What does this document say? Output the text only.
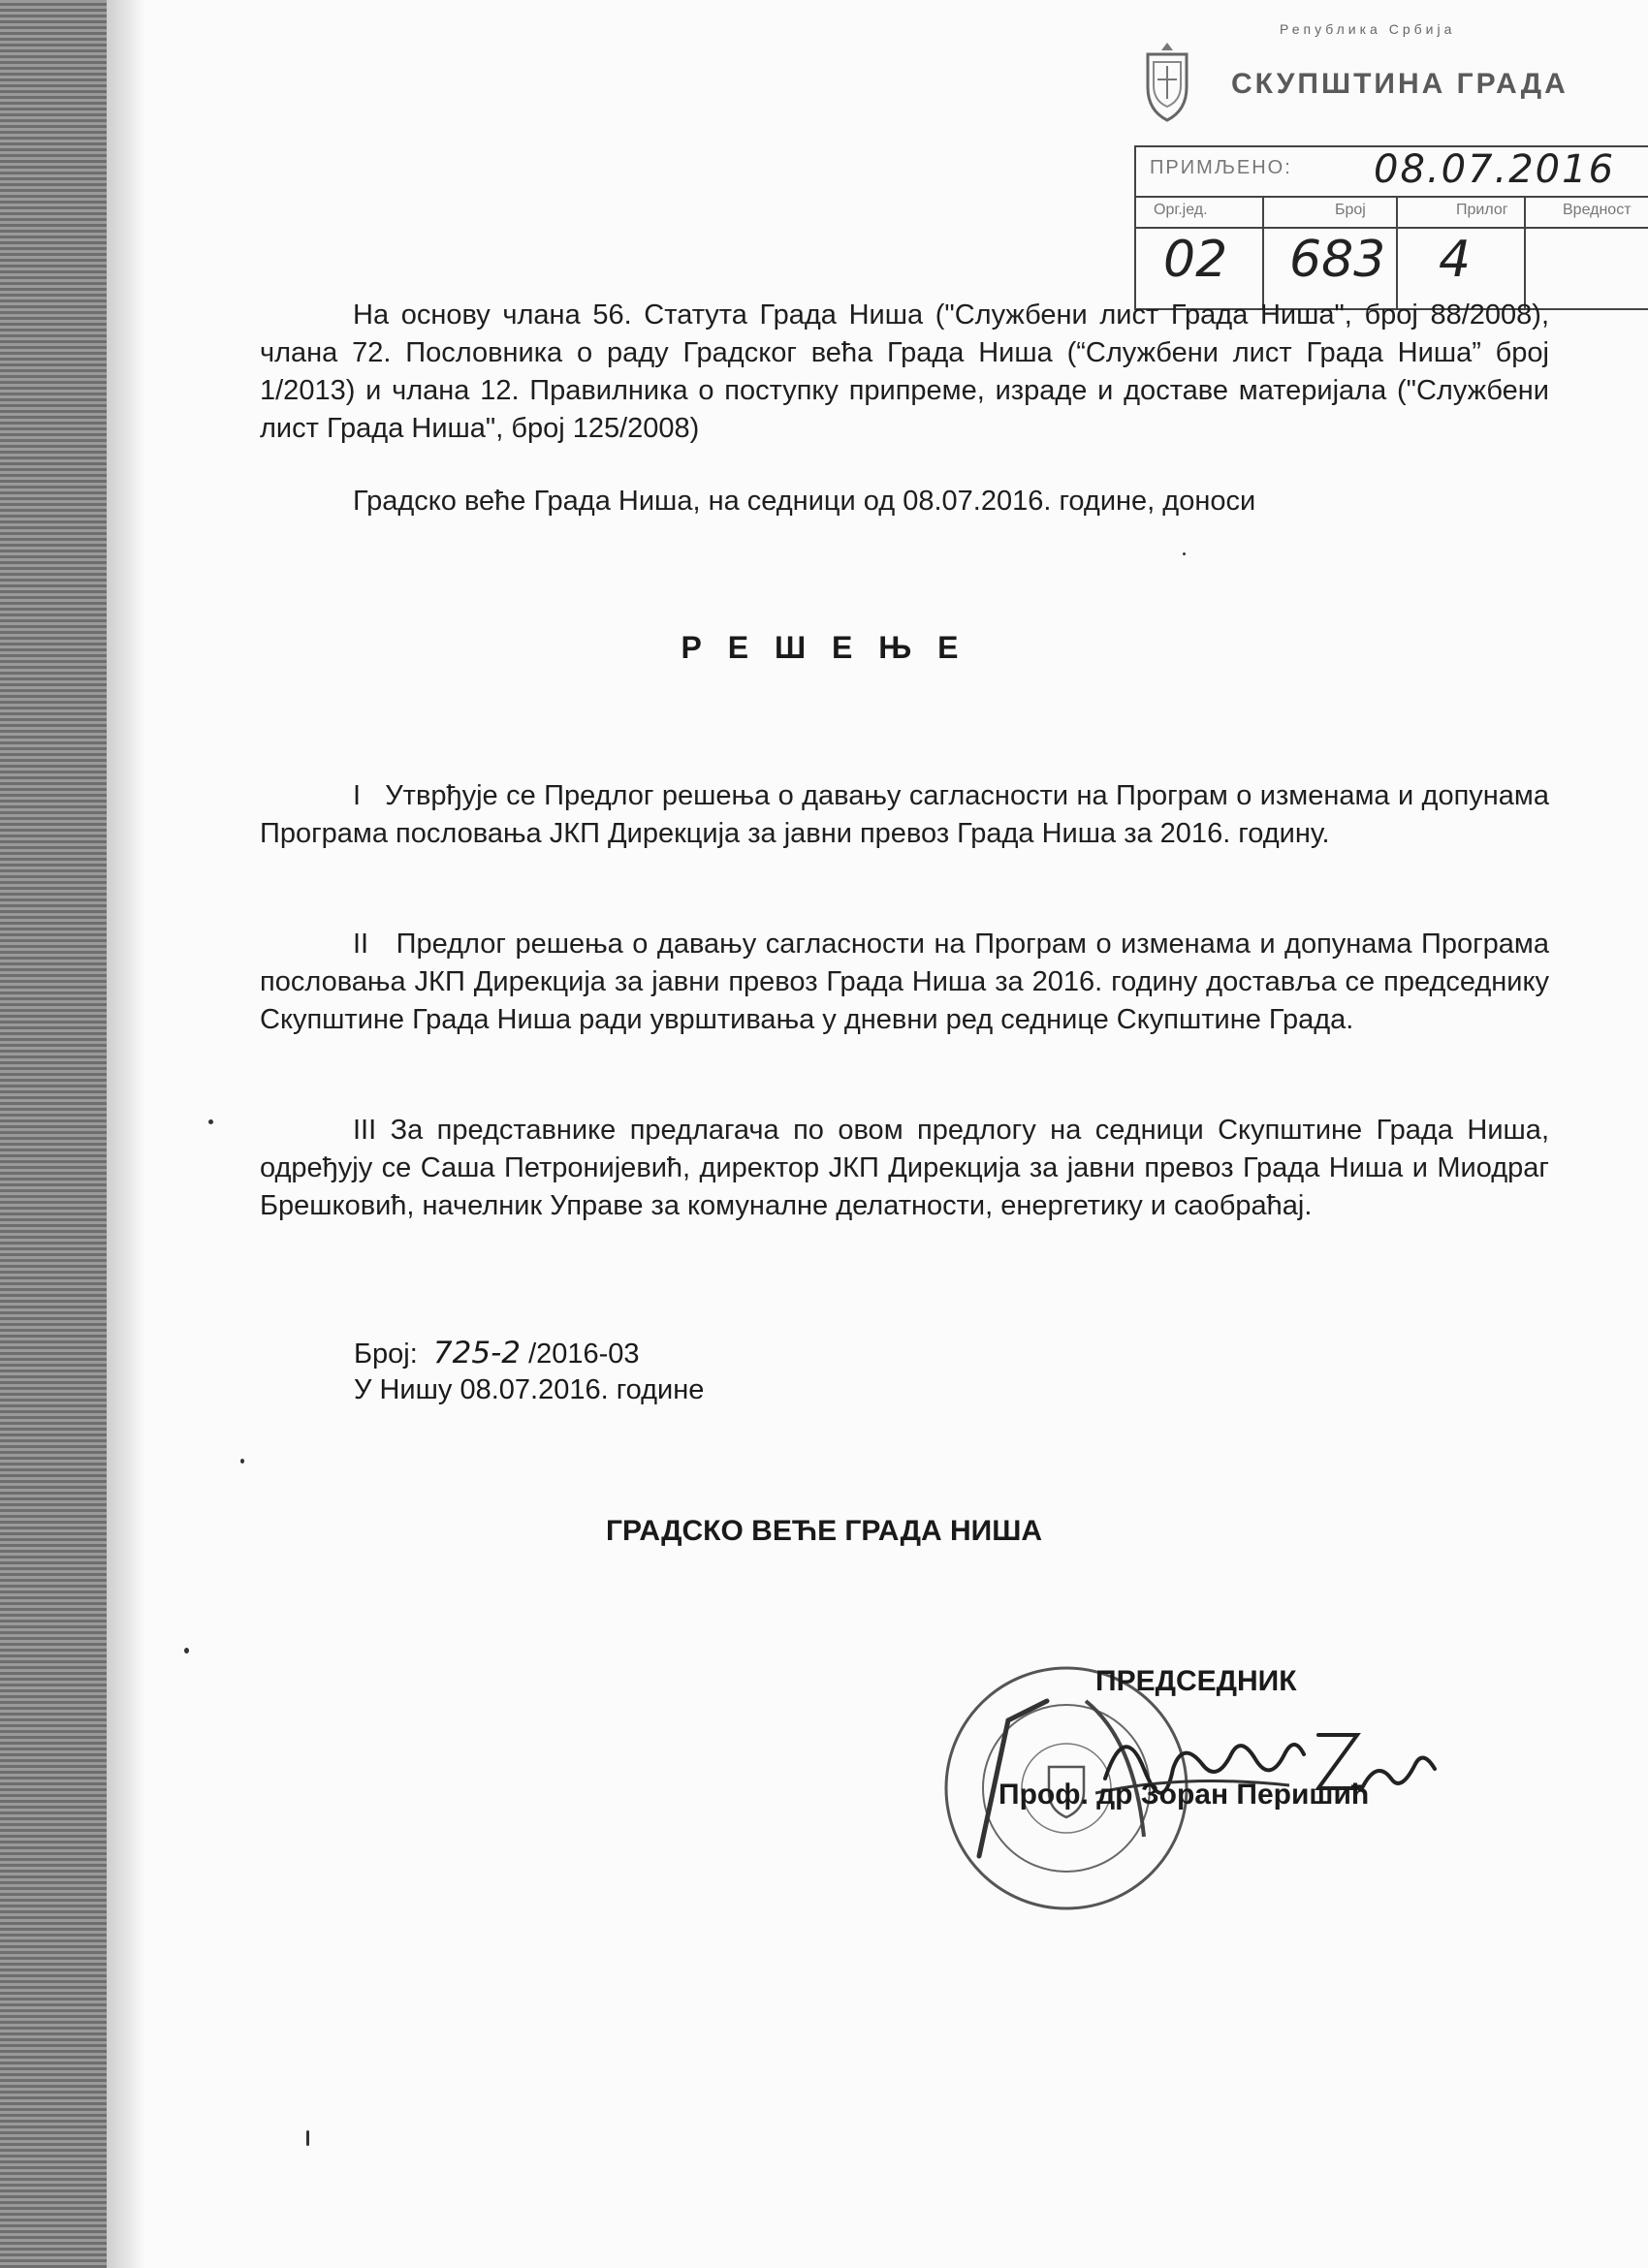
Република Србија
СКУПШТИНА ГРАДА
ПРИМЉЕНО: 08.07.2016
Орг.јед.	Број	Прилог	Вредност
02 683 4
На основу члана 56. Статута Града Ниша ("Службени лист Града Ниша", број 88/2008), члана 72. Пословника о раду Градског већа Града Ниша (“Службени лист Града Ниша” број 1/2013) и члана 12. Правилника о поступку припреме, израде и доставе материјала ("Службени лист Града Ниша", број 125/2008)
Градско веће Града Ниша, на седници од 08.07.2016. године, доноси
Р Е Ш Е Њ Е
I Утврђује се Предлог решења о давању сагласности на Програм о изменама и допунама Програма пословања ЈКП Дирекција за јавни превоз Града Ниша за 2016. годину.
II Предлог решења о давању сагласности на Програм о изменама и допунама Програма пословања ЈКП Дирекција за јавни превоз Града Ниша за 2016. годину доставља се председнику Скупштине Града Ниша ради уврштивања у дневни ред седнице Скупштине Града.
III За представнике предлагача по овом предлогу на седници Скупштине Града Ниша, одређују се Саша Петронијевић, директор ЈКП Дирекција за јавни превоз Града Ниша и Миодраг Брешковић, начелник Управе за комуналне делатности, енергетику и саобраћај.
Број: 725-2 /2016-03
У Нишу 08.07.2016. године
ГРАДСКО ВЕЋЕ ГРАДА НИША
ПРЕДСЕДНИК
Проф. др Зоран Перишић
